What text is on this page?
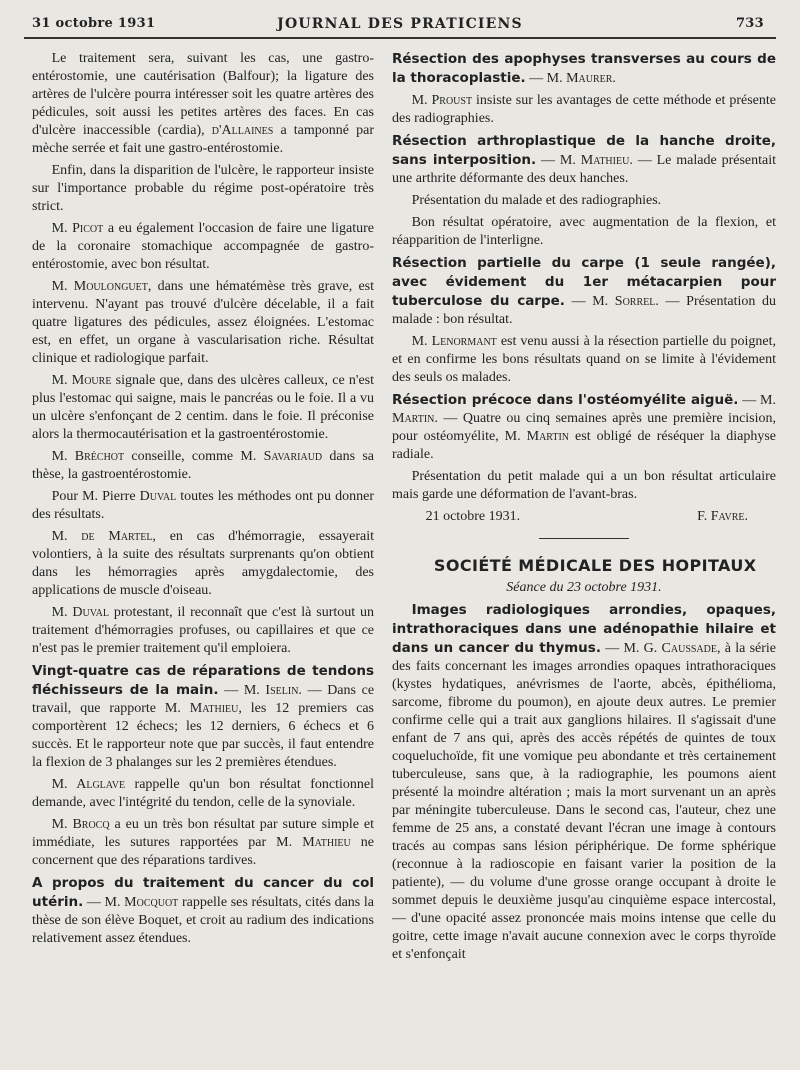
31 octobre 1931	JOURNAL DES PRATICIENS	733

Le traitement sera, suivant les cas, une gastro-entérostomie, une cautérisation (Balfour); la ligature des artères de l'ulcère pourra intéresser soit les quatre artères des pédicules, soit aussi les petites artères des faces. En cas d'ulcère inaccessible (cardia), d'Allaines a tamponné par mèche serrée et fait une gastro-entérostomie.

Enfin, dans la disparition de l'ulcère, le rapporteur insiste sur l'importance probable du régime post-opératoire très strict.

M. Picot a eu également l'occasion de faire une ligature de la coronaire stomachique accompagnée de gastro-entérostomie, avec bon résultat.

M. Moulonguet, dans une hématémèse très grave, est intervenu. N'ayant pas trouvé d'ulcère décelable, il a fait quatre ligatures des pédicules, assez éloignées. L'estomac est, en effet, un organe à vascularisation riche. Résultat clinique et radiologique parfait.

M. Moure signale que, dans des ulcères calleux, ce n'est plus l'estomac qui saigne, mais le pancréas ou le foie. Il a vu un ulcère s'enfonçant de 2 centim. dans le foie. Il préconise alors la thermocautérisation et la gastroentérostomie.

M. Bréchot conseille, comme M. Savariaud dans sa thèse, la gastroentérostomie.

Pour M. Pierre Duval toutes les méthodes ont pu donner des résultats.

M. de Martel, en cas d'hémorragie, essayerait volontiers, à la suite des résultats surprenants qu'on obtient dans les hémorragies après amygdalectomie, des applications de muscle d'oiseau.

M. Duval protestant, il reconnaît que c'est là surtout un traitement d'hémorragies profuses, ou capillaires et que ce n'est pas le premier traitement qu'il emploiera.

Vingt-quatre cas de réparations de tendons fléchisseurs de la main. — M. Iselin. — Dans ce travail, que rapporte M. Mathieu, les 12 premiers cas comportèrent 12 échecs; les 12 derniers, 6 échecs et 6 succès. Et le rapporteur note que par succès, il faut entendre la flexion de 3 phalanges sur les 2 premières étendues.

M. Alglave rappelle qu'un bon résultat fonctionnel demande, avec l'intégrité du tendon, celle de la synoviale.

M. Brocq a eu un très bon résultat par suture simple et immédiate, les sutures rapportées par M. Mathieu ne concernent que des réparations tardives.

A propos du traitement du cancer du col utérin. — M. Mocquot rappelle ses résultats, cités dans la thèse de son élève Boquet, et croit au radium des indications relativement assez étendues.

Résection des apophyses transverses au cours de la thoracoplastie. — M. Maurer.

M. Proust insiste sur les avantages de cette méthode et présente des radiographies.

Résection arthroplastique de la hanche droite, sans interposition. — M. Mathieu. — Le malade présentait une arthrite déformante des deux hanches.

Présentation du malade et des radiographies.

Bon résultat opératoire, avec augmentation de la flexion, et réapparition de l'interligne.

Résection partielle du carpe (1 seule rangée), avec évidement du 1er métacarpien pour tuberculose du carpe. — M. Sorrel. — Présentation du malade : bon résultat.

M. Lenormant est venu aussi à la résection partielle du poignet, et en confirme les bons résultats quand on se limite à l'évidement des seuls os malades.

Résection précoce dans l'ostéomyélite aiguë. — M. Martin. — Quatre ou cinq semaines après une première incision, pour ostéomyélite, M. Martin est obligé de réséquer la diaphyse radiale.

Présentation du petit malade qui a un bon résultat articulaire mais garde une déformation de l'avant-bras.

21 octobre 1931.	F. Favre.

SOCIÉTÉ MÉDICALE DES HOPITAUX

Séance du 23 octobre 1931.

Images radiologiques arrondies, opaques, intrathoraciques dans une adénopathie hilaire et dans un cancer du thymus. — M. G. Caussade, à la série des faits concernant les images arrondies opaques intrathoraciques (kystes hydatiques, anévrismes de l'aorte, abcès, épithélioma, sarcome, fibrome du poumon), en ajoute deux autres. Le premier confirme celle qui a trait aux ganglions hilaires. Il s'agissait d'une enfant de 7 ans qui, après des accès répétés de quintes de toux coqueluchoïde, fit une vomique peu abondante et très certainement tuberculeuse, sans que, à la radiographie, les poumons aient présenté la moindre altération ; mais la mort survenant un an après par méningite tuberculeuse. Dans le second cas, l'auteur, chez une femme de 25 ans, a constaté devant l'écran une image à contours tracés au compas sans lésion périphérique. De forme sphérique (reconnue à la radioscopie en faisant varier la position de la patiente), — du volume d'une grosse orange occupant à droite le sommet depuis le deuxième jusqu'au cinquième espace intercostal, — d'une opacité assez prononcée mais moins intense que celle du goitre, cette image n'avait aucune connexion avec le corps thyroïde et s'enfonçait
